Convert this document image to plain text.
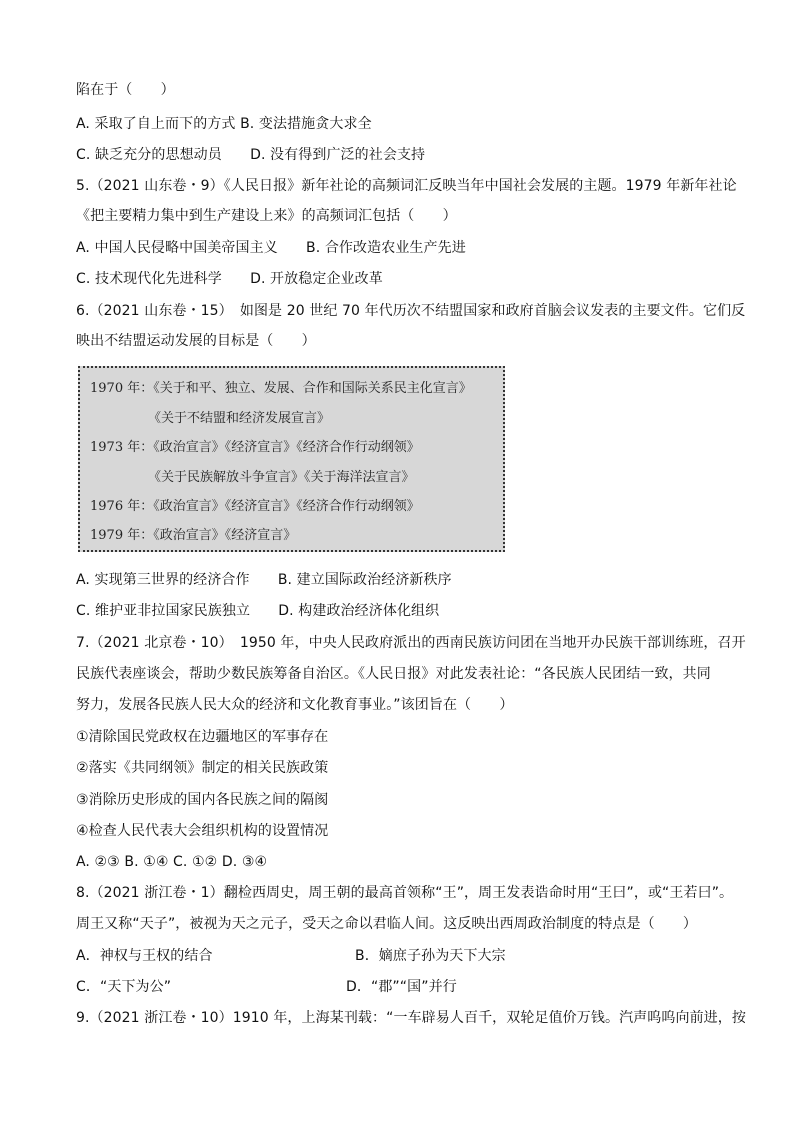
陷在于（　　）
A. 采取了自上而下的方式 B. 变法措施贪大求全
C. 缺乏充分的思想动员　　D. 没有得到广泛的社会支持
5.（2021 山东卷・9）《人民日报》新年社论的高频词汇反映当年中国社会发展的主题。1979 年新年社论
《把主要精力集中到生产建设上来》的高频词汇包括（　　）
A. 中国人民侵略中国美帝国主义　　B. 合作改造农业生产先进
C. 技术现代化先进科学　　D. 开放稳定企业改革
6.（2021 山东卷・15）　如图是 20 世纪 70 年代历次不结盟国家和政府首脑会议发表的主要文件。它们反
映出不结盟运动发展的目标是（　　）
1970 年：《关于和平、独立、发展、合作和国际关系民主化宣言》
《关于不结盟和经济发展宣言》
1973 年：《政治宣言》《经济宣言》《经济合作行动纲领》
《关于民族解放斗争宣言》《关于海洋法宣言》
1976 年：《政治宣言》《经济宣言》《经济合作行动纲领》
1979 年：《政治宣言》《经济宣言》
A. 实现第三世界的经济合作　　B. 建立国际政治经济新秩序
C. 维护亚非拉国家民族独立　　D. 构建政治经济体化组织
7.（2021 北京卷・10）　1950 年，中央人民政府派出的西南民族访问团在当地开办民族干部训练班，召开
民族代表座谈会，帮助少数民族筹备自治区。《人民日报》对此发表社论：“各民族人民团结一致，共同
努力，发展各民族人民大众的经济和文化教育事业。”该团旨在（　　）
①清除国民党政权在边疆地区的军事存在
②落实《共同纲领》制定的相关民族政策
③消除历史形成的国内各民族之间的隔阂
④检查人民代表大会组织机构的设置情况
A. ②③ B. ①④ C. ①② D. ③④
8.（2021 浙江卷・1）翻检西周史，周王朝的最高首领称“王”，周王发表诰命时用“王曰”，或“王若曰”。
周王又称“天子”，被视为天之元子，受天之命以君临人间。这反映出西周政治制度的特点是（　　）
A．神权与王权的结合	B．嫡庶子孙为天下大宗
C．“天下为公”	D．“郡”“国”并行
9.（2021 浙江卷・10）1910 年，上海某刊载：“一车辟易人百千，双轮足值价万钱。汽声呜呜向前进，按
